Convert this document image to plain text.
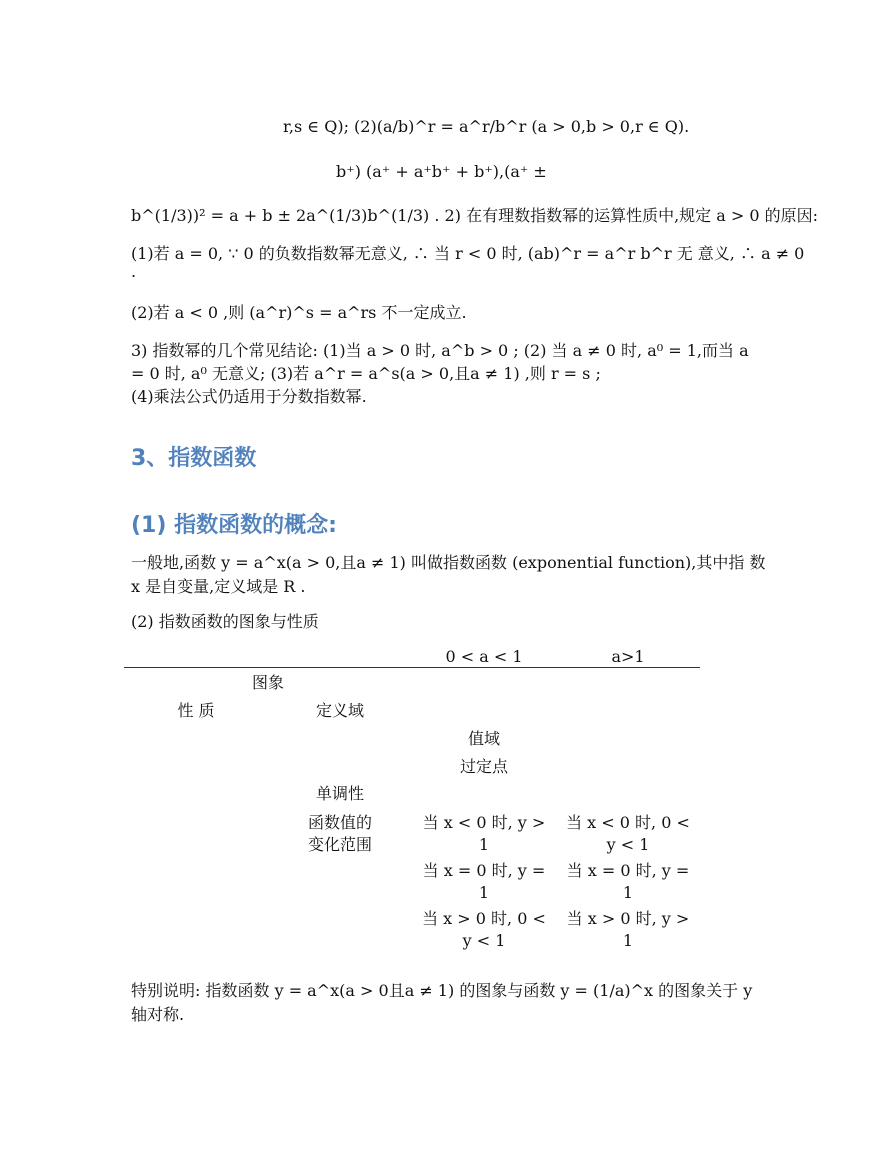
r,s ∈ Q); (2)(a/b)^r = a^r/b^r (a > 0,b > 0,r ∈ Q).
b⁺) (a⁺ + a⁺b⁺ + b⁺),(a⁺ ±
b^(1/3))² = a + b ± 2a^(1/3)b^(1/3) . 2) 在有理数指数幂的运算性质中,规定 a > 0 的原因:
(1)若 a = 0, ∵ 0 的负数指数幂无意义, ∴ 当 r < 0 时, (ab)^r = a^r b^r 无 意义, ∴ a ≠ 0
.
(2)若 a < 0 ,则 (a^r)^s = a^rs 不一定成立.
3) 指数幂的几个常见结论: (1)当 a > 0 时, a^b > 0 ; (2) 当 a ≠ 0 时, a⁰ = 1,而当 a
= 0 时, a⁰ 无意义; (3)若 a^r = a^s(a > 0,且a ≠ 1) ,则 r = s ;
(4)乘法公式仍适用于分数指数幂.
3、指数函数
(1) 指数函数的概念:
一般地,函数 y = a^x(a > 0,且a ≠ 1) 叫做指数函数 (exponential function),其中指 数
x 是自变量,定义域是 R .
(2) 指数函数的图象与性质
0 < a < 1	a>1
图象
性 质	定义域
值域
过定点
单调性
函数值的
变化范围
当 x < 0 时, y >
1
当 x < 0 时, 0 <
y < 1
当 x = 0 时, y =
1
当 x = 0 时, y =
1
当 x > 0 时, 0 <
y < 1
当 x > 0 时, y >
1
特别说明: 指数函数 y = a^x(a > 0且a ≠ 1) 的图象与函数 y = (1/a)^x 的图象关于 y
轴对称.
